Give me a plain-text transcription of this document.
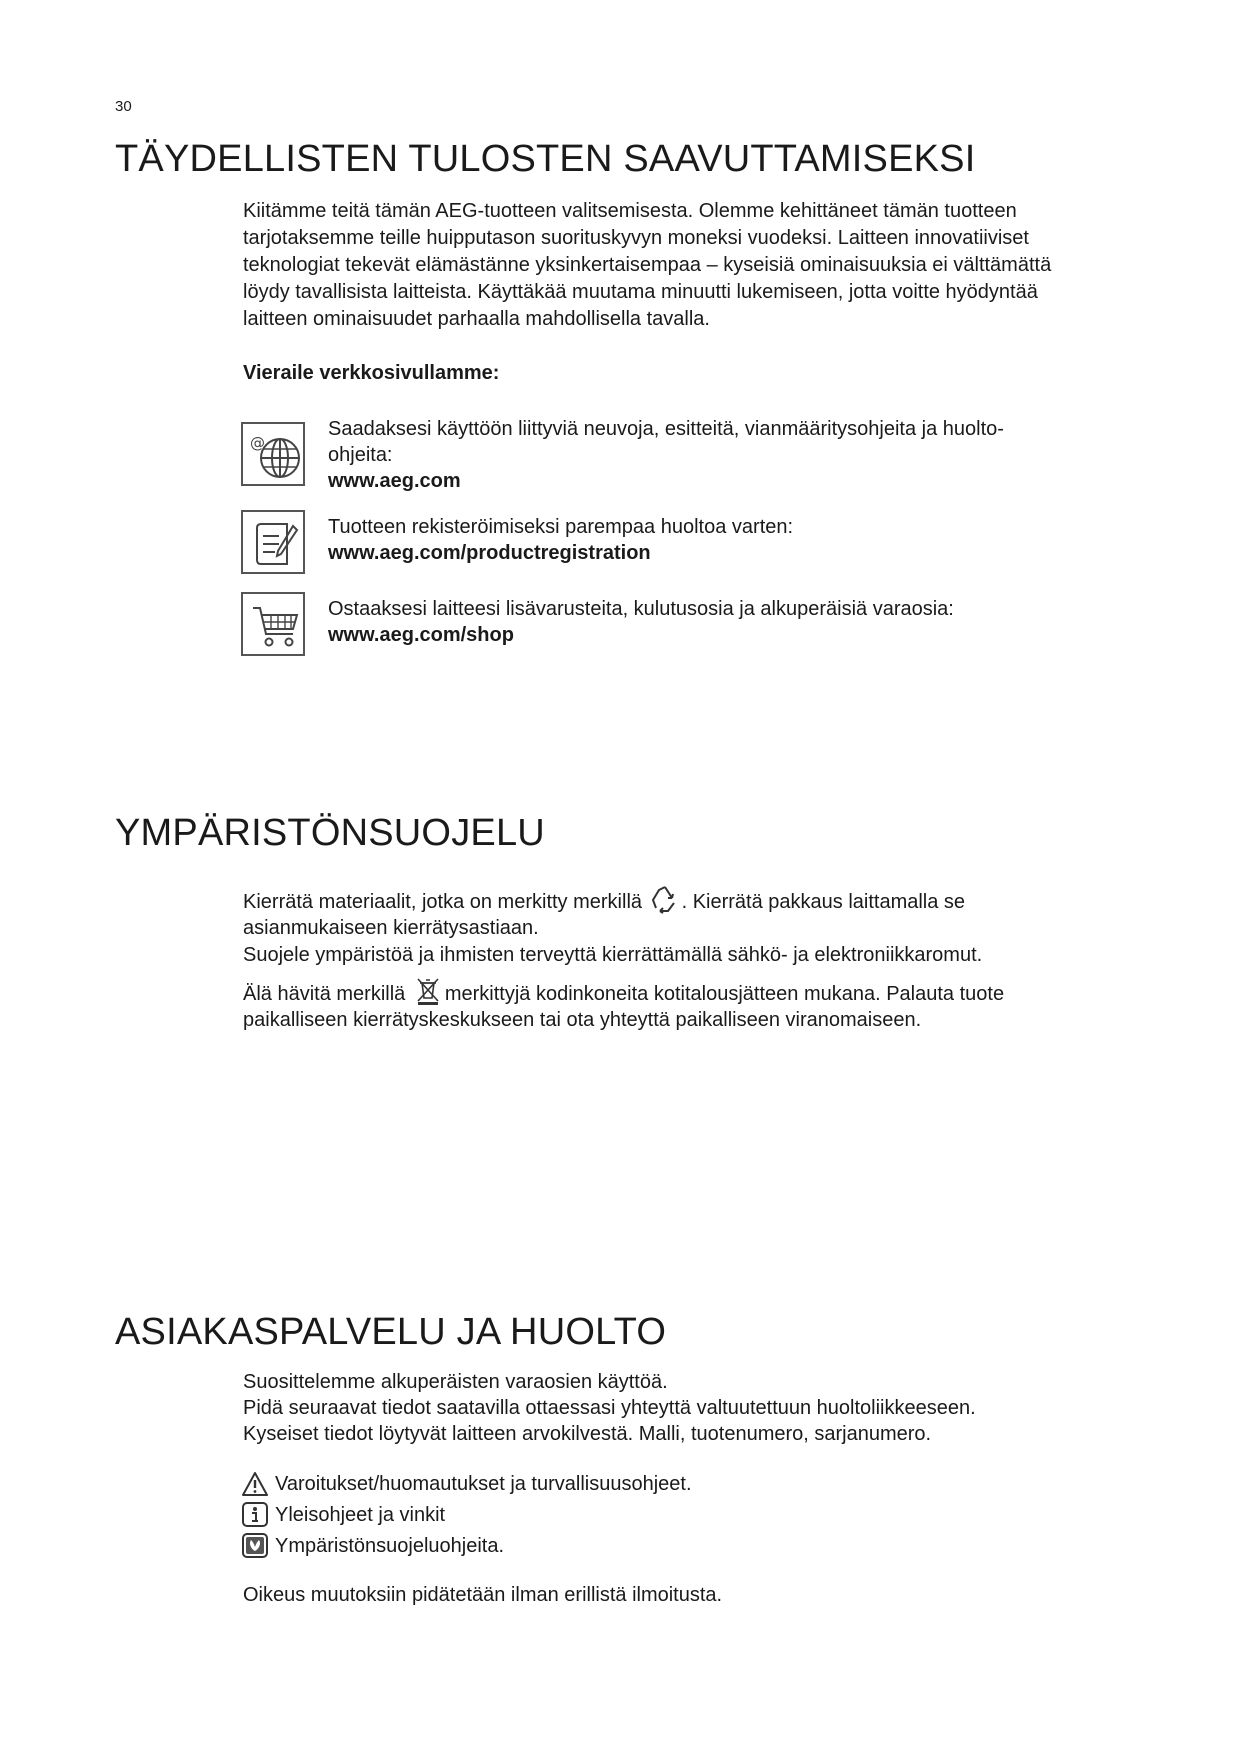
30
TÄYDELLISTEN TULOSTEN SAAVUTTAMISEKSI

Kiitämme teitä tämän AEG-tuotteen valitsemisesta. Olemme kehittäneet tämän tuotteen

tarjotaksemme teille huipputason suorituskyvyn moneksi vuodeksi. Laitteen innovatiiviset

teknologiat tekevät elämästänne yksinkertaisempaa – kyseisiä ominaisuuksia ei välttämättä

löydy tavallisista laitteista. Käyttäkää muutama minuutti lukemiseen, jotta voitte hyödyntää

laitteen ominaisuudet parhaalla mahdollisella tavalla.

Vieraile verkkosivullamme:
@
Saadaksesi käyttöön liittyviä neuvoja, esitteitä, vianmääritysohjeita ja huolto-
ohjeita:
www.aeg.com
Tuotteen rekisteröimiseksi parempaa huoltoa varten:
www.aeg.com/productregistration
Ostaaksesi laitteesi lisävarusteita, kulutusosia ja alkuperäisiä varaosia:
www.aeg.com/shop
YMPÄRISTÖNSUOJELU

Kierrätä materiaalit, jotka on merkitty merkillä . Kierrätä pakkaus laittamalla se
asianmukaiseen kierrätysastiaan.

Suojele ympäristöä ja ihmisten terveyttä kierrättämällä sähkö- ja elektroniikkaromut.

Älä hävitä merkillä merkittyjä kodinkoneita kotitalousjätteen mukana. Palauta tuote
paikalliseen kierrätyskeskukseen tai ota yhteyttä paikalliseen viranomaiseen.

ASIAKASPALVELU JA HUOLTO

Suosittelemme alkuperäisten varaosien käyttöä.

Pidä seuraavat tiedot saatavilla ottaessasi yhteyttä valtuutettuun huoltoliikkeeseen.

Kyseiset tiedot löytyvät laitteen arvokilvestä. Malli, tuotenumero, sarjanumero.

Varoitukset/huomautukset ja turvallisuusohjeet.
Yleisohjeet ja vinkit
Ympäristönsuojeluohjeita.
Oikeus muutoksiin pidätetään ilman erillistä ilmoitusta.
